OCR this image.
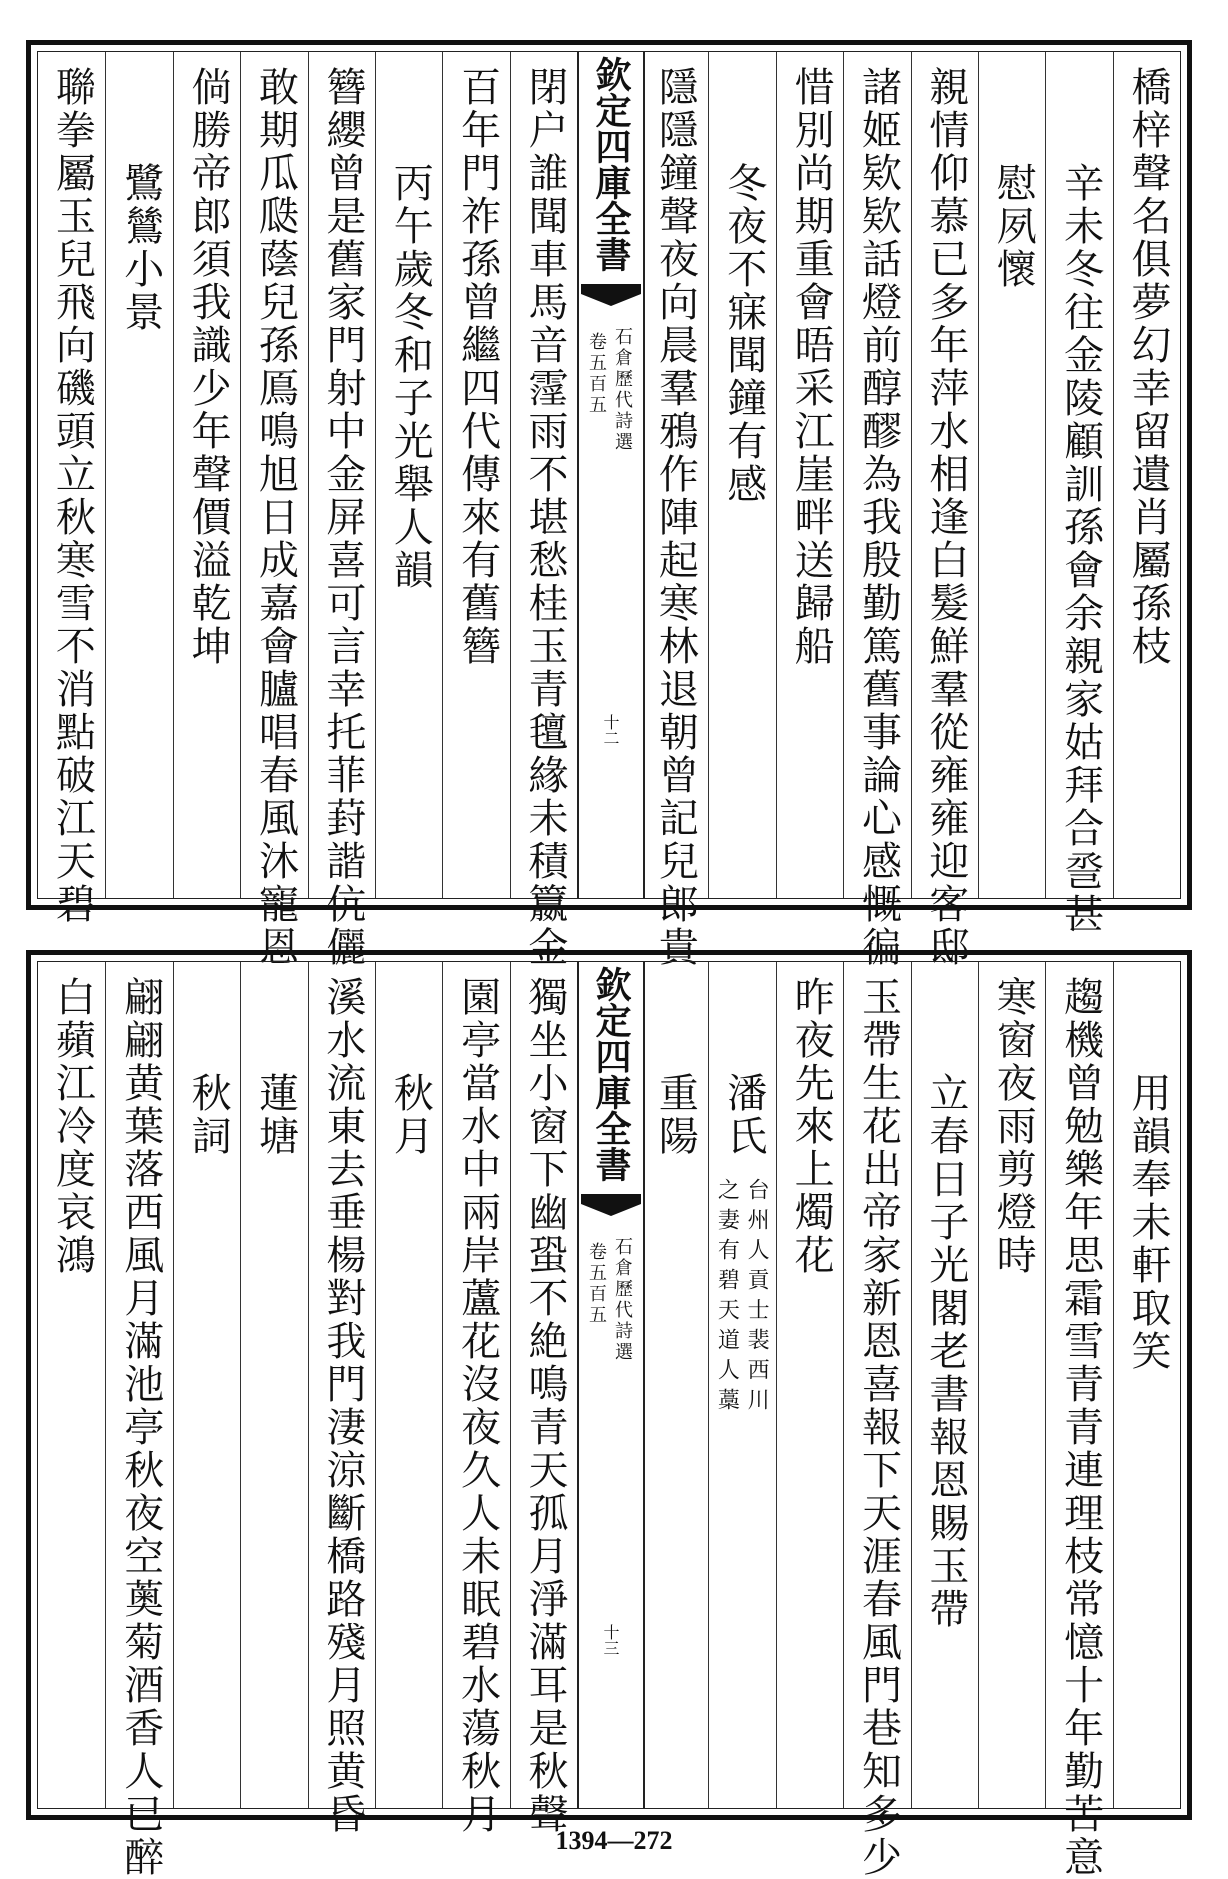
橋梓聲名俱夢幻幸留遺肖屬孫枝
辛未冬往金陵顧訓孫會余親家姑拜合巹甚
慰夙懷
親情仰慕已多年萍水相逢白髮鮮羣從雍雍迎客邸
諸姬欵欵話燈前醇醪為我殷勤篤舊事論心感慨徧
惜別尚期重會晤采江崖畔送歸船
冬夜不寐聞鐘有感
隱隱鐘聲夜向晨羣鴉作陣起寒林退朝曾記兒郎貴
閉户誰聞車馬音霪雨不堪愁桂玉青氊緣未積籝金
百年門祚孫曾繼四代傳來有舊簪
丙午歲冬和子光舉人韻
簪纓曾是舊家門射中金屏喜可言幸托菲葑諧伉儷
敢期瓜瓞蔭兒孫鳫鳴旭日成嘉會臚唱春風沐寵恩
倘勝帝郎須我識少年聲價溢乾坤
鷺鷥小景
聯拳屬玉兒飛向磯頭立秋寒雪不消點破江天碧	欽定四庫全書
石倉歷代詩選
卷五百五
十二
用韻奉未軒取笑
趨機曾勉樂年思霜雪青青連理枝常憶十年勤苦意
寒窗夜雨剪燈時
立春日子光閣老書報恩賜玉帶
玉帶生花出帝家新恩喜報下天涯春風門巷知多少
昨夜先來上燭花
潘氏
台州人貢士裴西川
之妻有碧天道人藁
重陽
獨坐小窗下幽蛩不絶鳴青天孤月淨滿耳是秋聲
園亭當水中兩岸蘆花沒夜久人未眠碧水蕩秋月
秋月
溪水流東去垂楊對我門淒涼斷橋路殘月照黄昏
蓮塘
秋詞
翩翩黄葉落西風月滿池亭秋夜空薁菊酒香人已醉
白蘋江冷度哀鴻	欽定四庫全書
石倉歷代詩選
卷五百五
十三
1394—272
